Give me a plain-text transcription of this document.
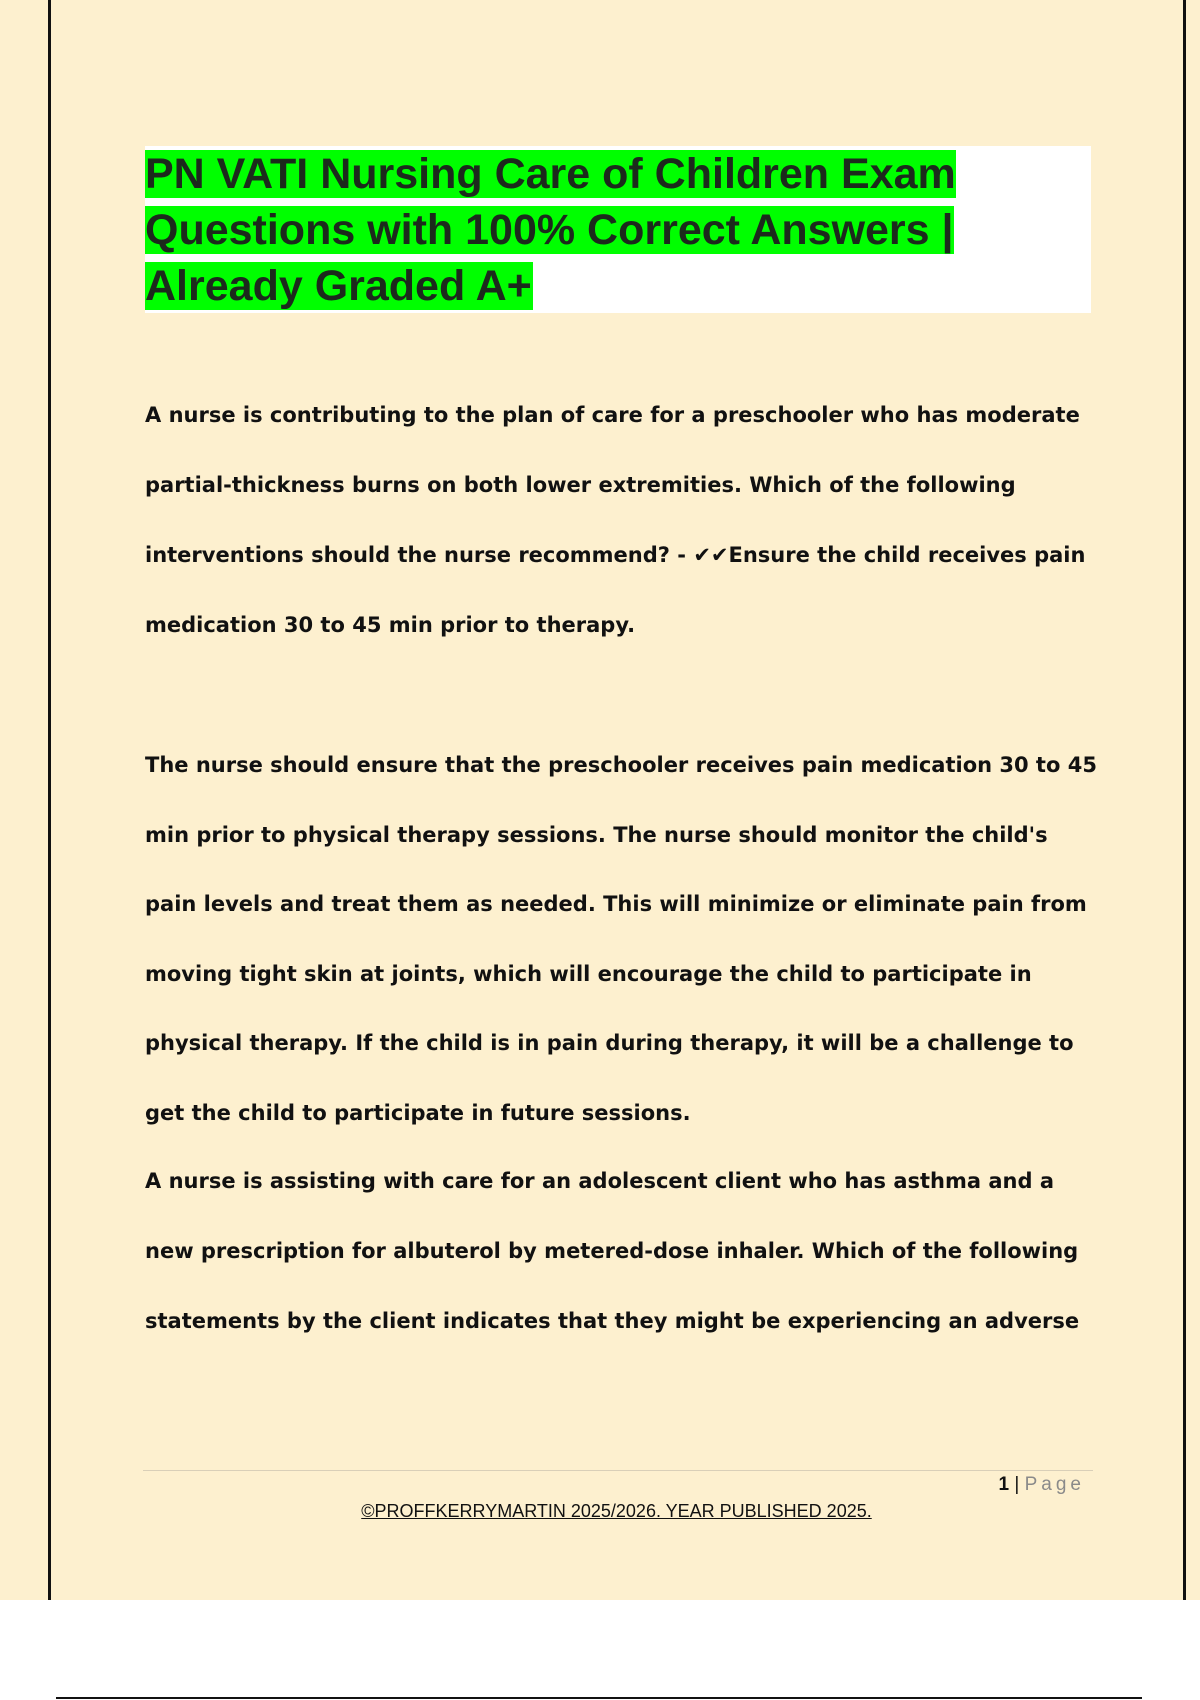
PN VATI Nursing Care of Children Exam Questions with 100% Correct Answers | Already Graded A+

A nurse is contributing to the plan of care for a preschooler who has moderate partial-thickness burns on both lower extremities. Which of the following interventions should the nurse recommend? - ✔✔Ensure the child receives pain medication 30 to 45 min prior to therapy.

The nurse should ensure that the preschooler receives pain medication 30 to 45 min prior to physical therapy sessions. The nurse should monitor the child's pain levels and treat them as needed. This will minimize or eliminate pain from moving tight skin at joints, which will encourage the child to participate in physical therapy. If the child is in pain during therapy, it will be a challenge to get the child to participate in future sessions.

A nurse is assisting with care for an adolescent client who has asthma and a new prescription for albuterol by metered-dose inhaler. Which of the following statements by the client indicates that they might be experiencing an adverse

1 | Page
©PROFFKERRYMARTIN 2025/2026. YEAR PUBLISHED 2025.
